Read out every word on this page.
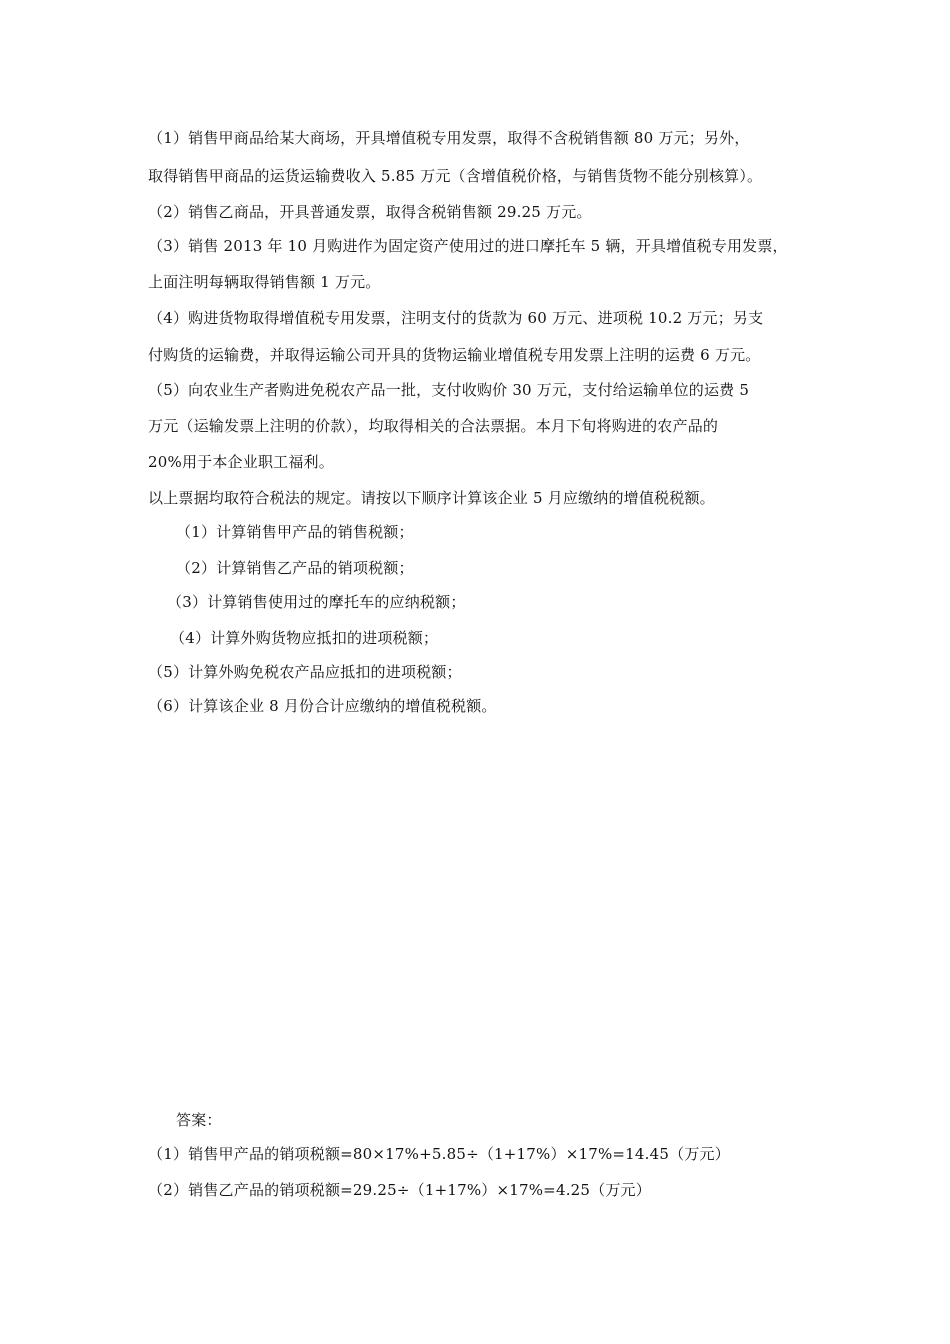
（1）销售甲商品给某大商场，开具增值税专用发票，取得不含税销售额 80 万元；另外，
取得销售甲商品的运货运输费收入 5.85 万元（含增值税价格，与销售货物不能分别核算）。
（2）销售乙商品，开具普通发票，取得含税销售额 29.25 万元。
（3）销售 2013 年 10 月购进作为固定资产使用过的进口摩托车 5 辆，开具增值税专用发票，
上面注明每辆取得销售额 1 万元。
（4）购进货物取得增值税专用发票，注明支付的货款为 60 万元、进项税 10.2 万元；另支
付购货的运输费，并取得运输公司开具的货物运输业增值税专用发票上注明的运费 6 万元。
（5）向农业生产者购进免税农产品一批，支付收购价 30 万元，支付给运输单位的运费 5
万元（运输发票上注明的价款），均取得相关的合法票据。本月下旬将购进的农产品的
20%用于本企业职工福利。
以上票据均取符合税法的规定。请按以下顺序计算该企业 5 月应缴纳的增值税税额。
（1）计算销售甲产品的销售税额；
（2）计算销售乙产品的销项税额；
（3）计算销售使用过的摩托车的应纳税额；
（4）计算外购货物应抵扣的进项税额；
（5）计算外购免税农产品应抵扣的进项税额；
（6）计算该企业 8 月份合计应缴纳的增值税税额。
答案：
（1）销售甲产品的销项税额=80×17%+5.85÷（1+17%）×17%=14.45（万元）
（2）销售乙产品的销项税额=29.25÷（1+17%）×17%=4.25（万元）
